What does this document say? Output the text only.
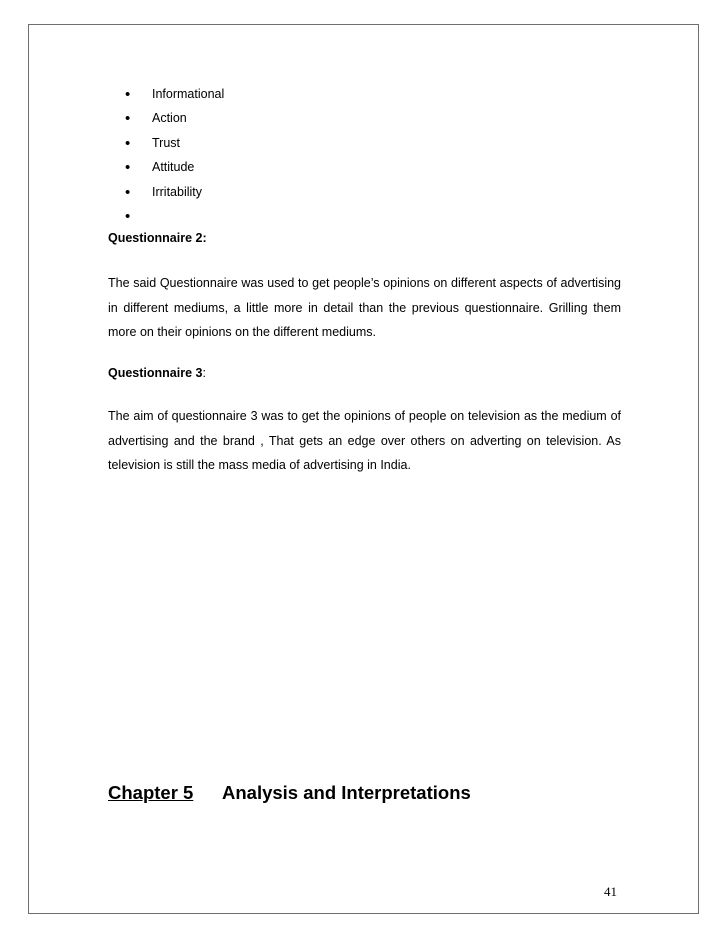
• Informational
• Action
• Trust
• Attitude
• Irritability
•
Questionnaire 2:

The said Questionnaire was used to get people’s opinions on different aspects of advertising in different mediums, a little more in detail than the previous questionnaire. Grilling them more on their opinions on the different mediums.

Questionnaire 3:

The aim of questionnaire 3 was to get the opinions of people on television as the medium of advertising and the brand , That gets an edge over others on adverting on television. As television is still the mass media of advertising in India.

Chapter 5 Analysis and Interpretations
41
